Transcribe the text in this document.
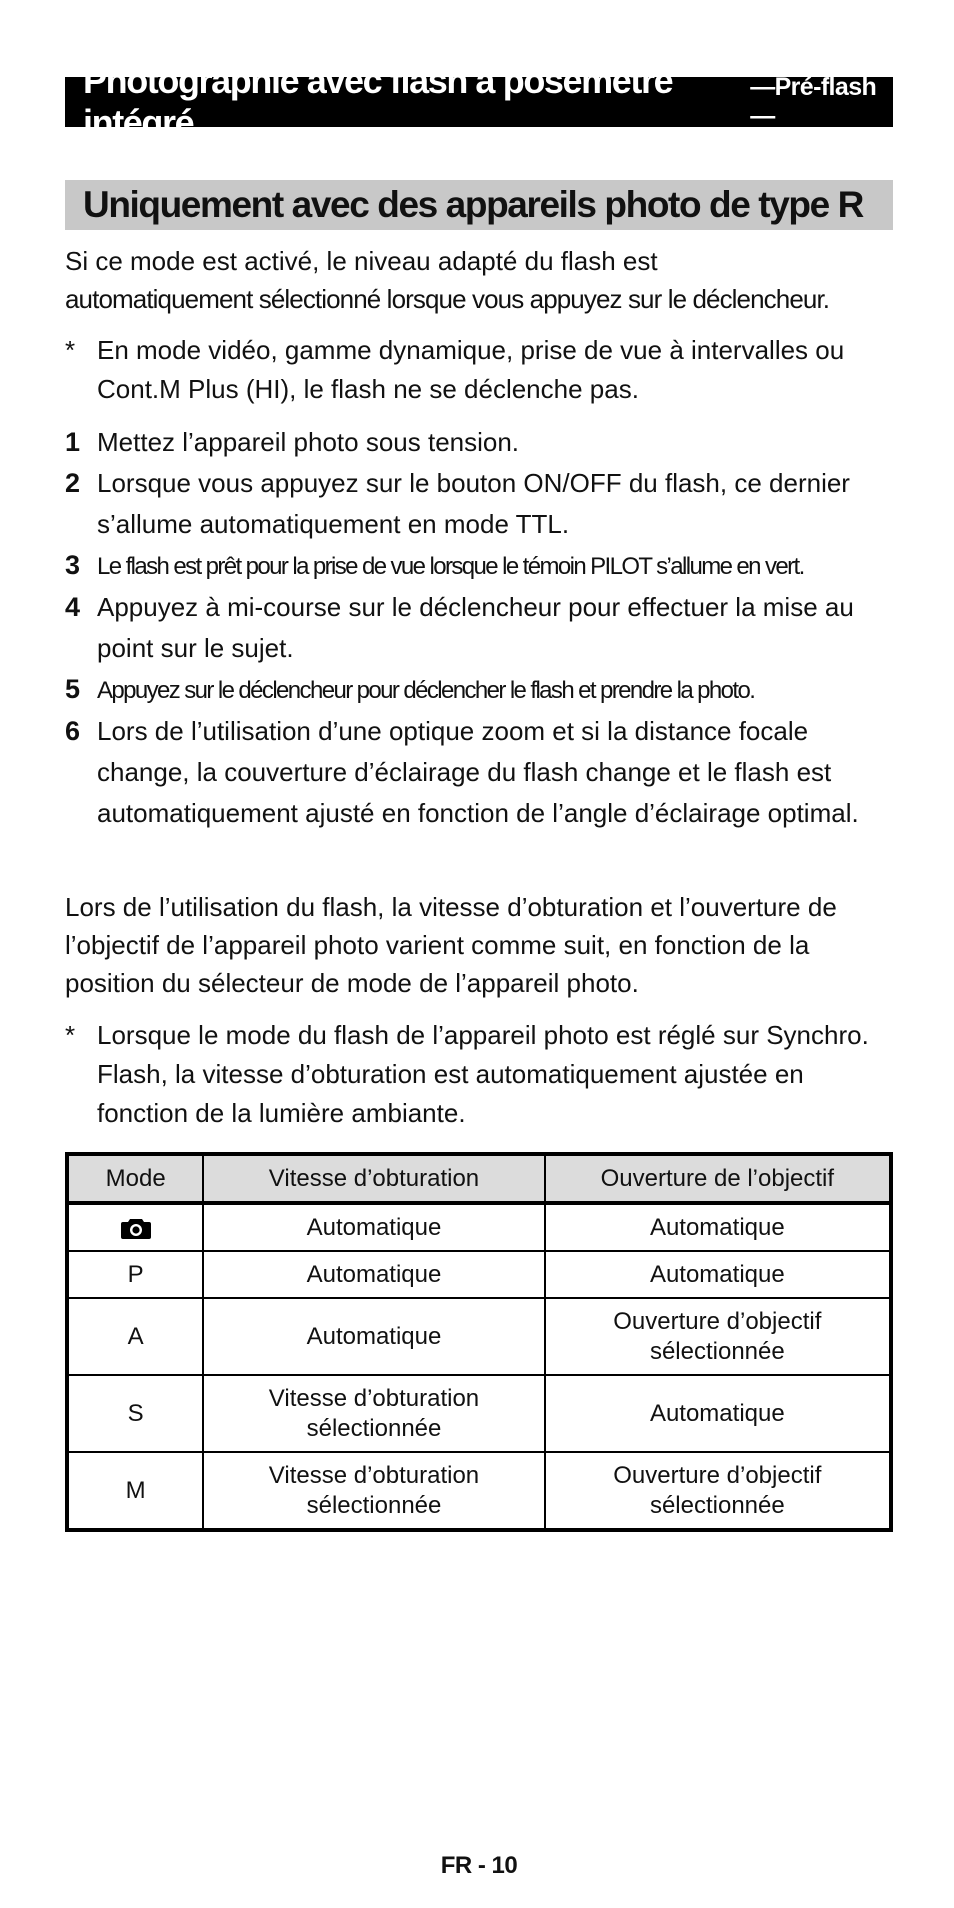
Photographie avec flash à posemètre intégré
—Pré-flash —
Uniquement avec des appareils photo de type R
Si ce mode est activé, le niveau adapté du flash est
automatiquement sélectionné lorsque vous appuyez sur le déclencheur.
* En mode vidéo, gamme dynamique, prise de vue à intervalles ou Cont.M Plus (HI), le flash ne se déclenche pas.
1 Mettez l’appareil photo sous tension.
2 Lorsque vous appuyez sur le bouton ON/OFF du flash, ce dernier s’allume automatiquement en mode TTL.
3 Le flash est prêt pour la prise de vue lorsque le témoin PILOT s’allume en vert.
4 Appuyez à mi-course sur le déclencheur pour effectuer la mise au point sur le sujet.
5 Appuyez sur le déclencheur pour déclencher le flash et prendre la photo.
6 Lors de l’utilisation d’une optique zoom et si la distance focale change, la couverture d’éclairage du flash change et le flash est automatiquement ajusté en fonction de l’angle d’éclairage optimal.
Lors de l’utilisation du flash, la vitesse d’obturation et l’ouverture de l’objectif de l’appareil photo varient comme suit, en fonction de la position du sélecteur de mode de l’appareil photo.
* Lorsque le mode du flash de l’appareil photo est réglé sur Synchro. Flash, la vitesse d’obturation est automatiquement ajustée en fonction de la lumière ambiante.
Mode	Vitesse d’obturation	Ouverture de l’objectif
	Automatique	Automatique
P	Automatique	Automatique
A	Automatique	Ouverture d’objectif sélectionnée
S	Vitesse d’obturation sélectionnée	Automatique
M	Vitesse d’obturation sélectionnée	Ouverture d’objectif sélectionnée
FR - 10
